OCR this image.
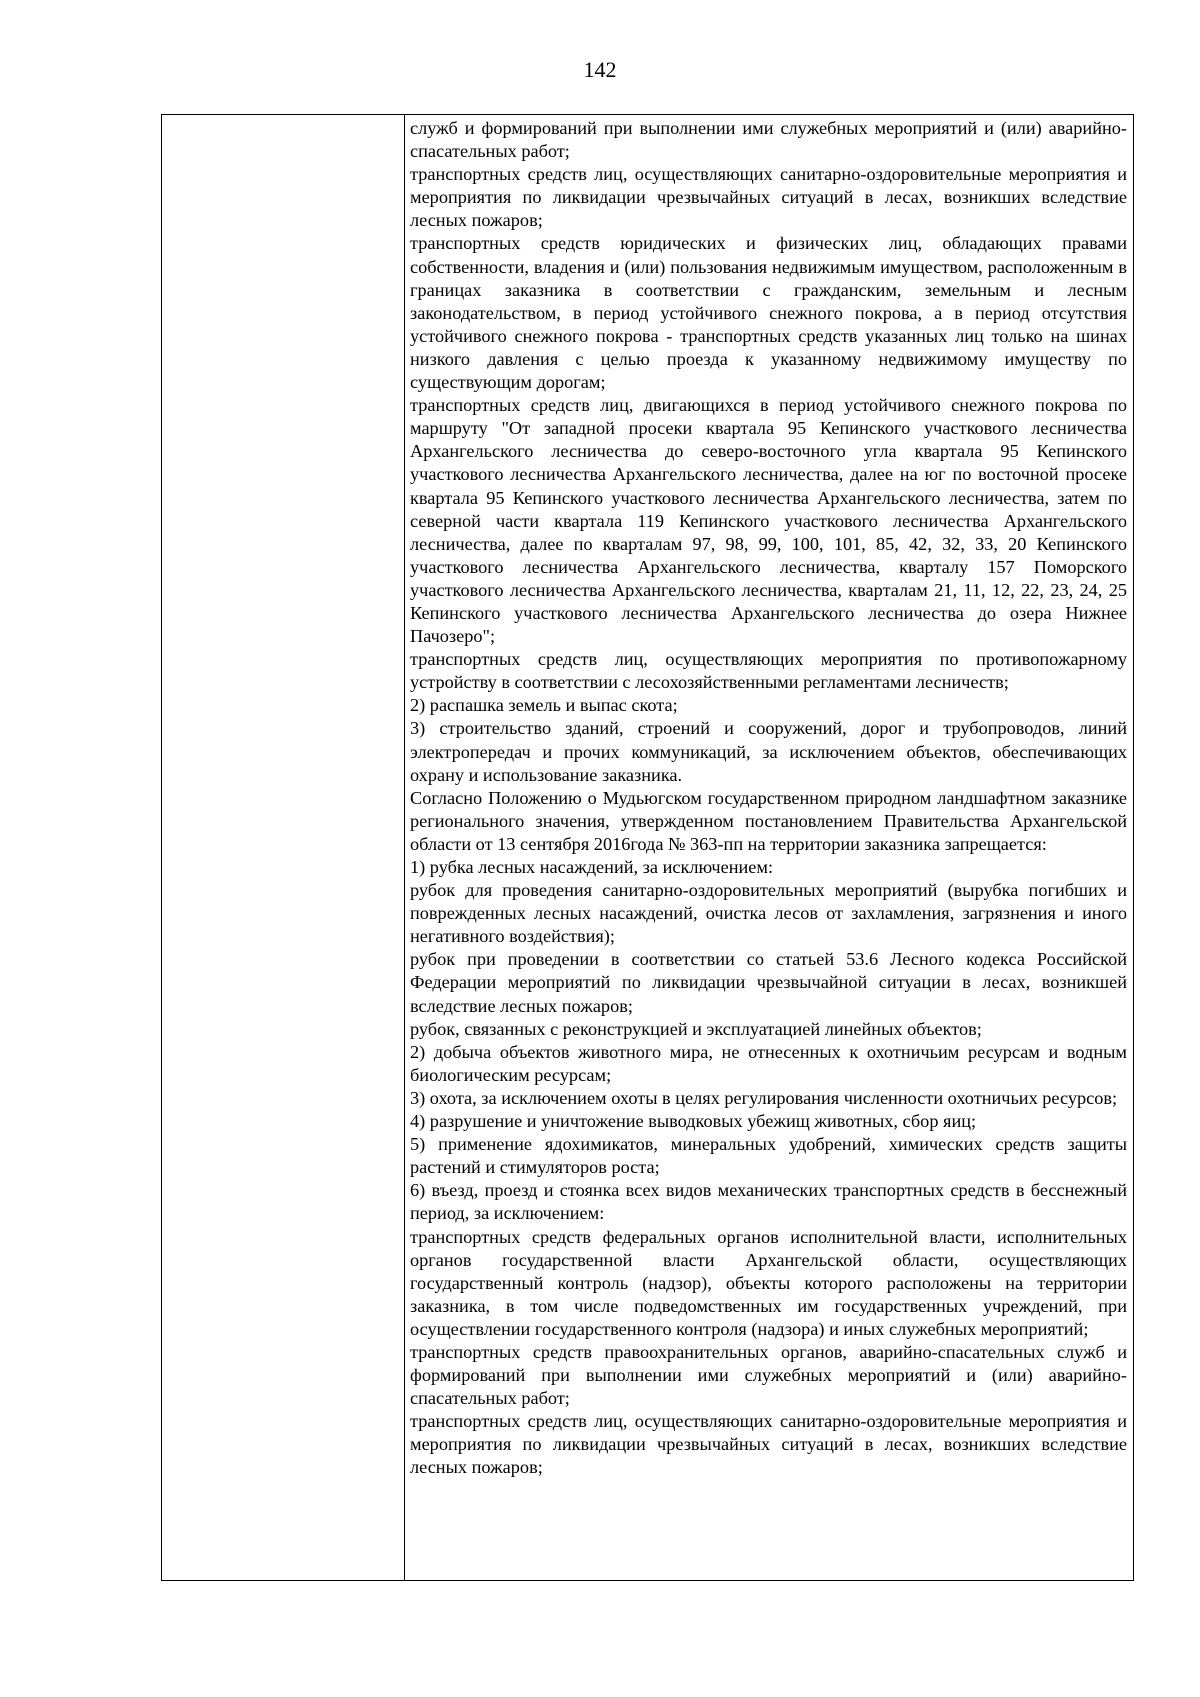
142

служб и формирований при выполнении ими служебных мероприятий и (или) аварийно-спасательных работ;

транспортных средств лиц, осуществляющих санитарно-оздоровительные мероприятия и мероприятия по ликвидации чрезвычайных ситуаций в лесах, возникших вследствие лесных пожаров;

транспортных средств юридических и физических лиц, обладающих правами собственности, владения и (или) пользования недвижимым имуществом, расположенным в границах заказника в соответствии с гражданским, земельным и лесным законодательством, в период устойчивого снежного покрова, а в период отсутствия устойчивого снежного покрова - транспортных средств указанных лиц только на шинах низкого давления с целью проезда к указанному недвижимому имуществу по существующим дорогам;

транспортных средств лиц, двигающихся в период устойчивого снежного покрова по маршруту "От западной просеки квартала 95 Кепинского участкового лесничества Архангельского лесничества до северо-восточного угла квартала 95 Кепинского участкового лесничества Архангельского лесничества, далее на юг по восточной просеке квартала 95 Кепинского участкового лесничества Архангельского лесничества, затем по северной части квартала 119 Кепинского участкового лесничества Архангельского лесничества, далее по кварталам 97, 98, 99, 100, 101, 85, 42, 32, 33, 20 Кепинского участкового лесничества Архангельского лесничества, кварталу 157 Поморского участкового лесничества Архангельского лесничества, кварталам 21, 11, 12, 22, 23, 24, 25 Кепинского участкового лесничества Архангельского лесничества до озера Нижнее Пачозеро";

транспортных средств лиц, осуществляющих мероприятия по противопожарному устройству в соответствии с лесохозяйственными регламентами лесничеств;

2) распашка земель и выпас скота;

3) строительство зданий, строений и сооружений, дорог и трубопроводов, линий электропередач и прочих коммуникаций, за исключением объектов, обеспечивающих охрану и использование заказника.

Согласно Положению о Мудьюгском государственном природном ландшафтном заказнике регионального значения, утвержденном постановлением Правительства Архангельской области от 13 сентября 2016года № 363-пп на территории заказника запрещается:

1) рубка лесных насаждений, за исключением:

рубок для проведения санитарно-оздоровительных мероприятий (вырубка погибших и поврежденных лесных насаждений, очистка лесов от захламления, загрязнения и иного негативного воздействия);

рубок при проведении в соответствии со статьей 53.6 Лесного кодекса Российской Федерации мероприятий по ликвидации чрезвычайной ситуации в лесах, возникшей вследствие лесных пожаров;

рубок, связанных с реконструкцией и эксплуатацией линейных объектов;

2) добыча объектов животного мира, не отнесенных к охотничьим ресурсам и водным биологическим ресурсам;

3) охота, за исключением охоты в целях регулирования численности охотничьих ресурсов;

4) разрушение и уничтожение выводковых убежищ животных, сбор яиц;

5) применение ядохимикатов, минеральных удобрений, химических средств защиты растений и стимуляторов роста;

6) въезд, проезд и стоянка всех видов механических транспортных средств в бесснежный период, за исключением:

транспортных средств федеральных органов исполнительной власти, исполнительных органов государственной власти Архангельской области, осуществляющих государственный контроль (надзор), объекты которого расположены на территории заказника, в том числе подведомственных им государственных учреждений, при осуществлении государственного контроля (надзора) и иных служебных мероприятий;

транспортных средств правоохранительных органов, аварийно-спасательных служб и формирований при выполнении ими служебных мероприятий и (или) аварийно-спасательных работ;

транспортных средств лиц, осуществляющих санитарно-оздоровительные мероприятия и мероприятия по ликвидации чрезвычайных ситуаций в лесах, возникших вследствие лесных пожаров;
